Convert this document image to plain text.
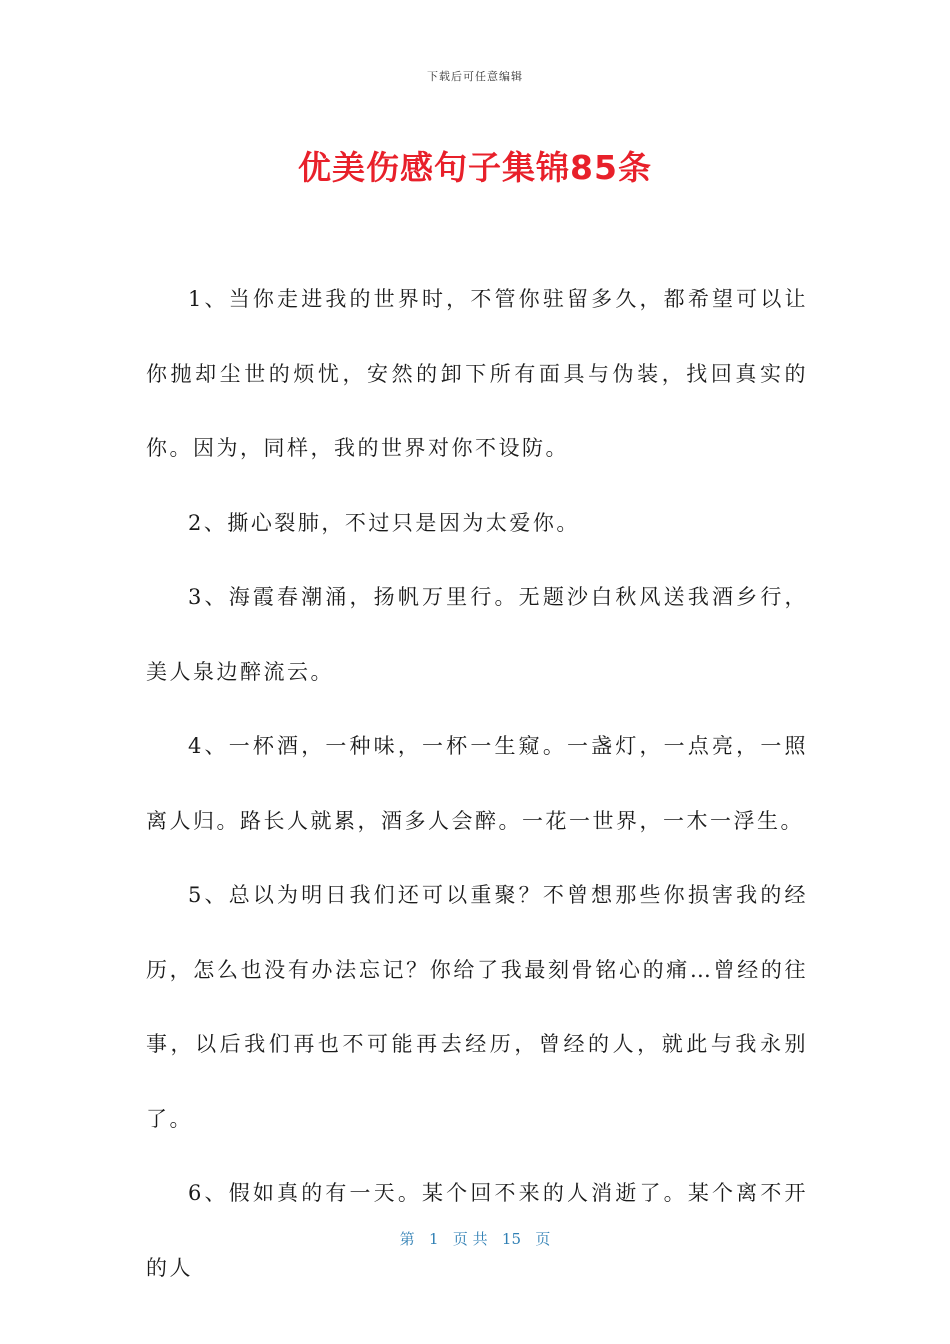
下载后可任意编辑
优美伤感句子集锦85条

1、当你走进我的世界时，不管你驻留多久，都希望可以让你抛却尘世的烦忧，安然的卸下所有面具与伪装，找回真实的你。因为，同样，我的世界对你不设防。

2、撕心裂肺，不过只是因为太爱你。

3、海霞春潮涌，扬帆万里行。无题沙白秋风送我酒乡行，美人泉边醉流云。

4、一杯酒，一种味，一杯一生窥。一盏灯，一点亮，一照离人归。路长人就累，酒多人会醉。一花一世界，一木一浮生。

5、总以为明日我们还可以重聚？不曾想那些你损害我的经历，怎么也没有办法忘记？你给了我最刻骨铭心的痛…曾经的往事，以后我们再也不可能再去经历，曾经的人，就此与我永别了。

6、假如真的有一天。某个回不来的人消逝了。某个离不开的人

第 1 页 共 15 页
